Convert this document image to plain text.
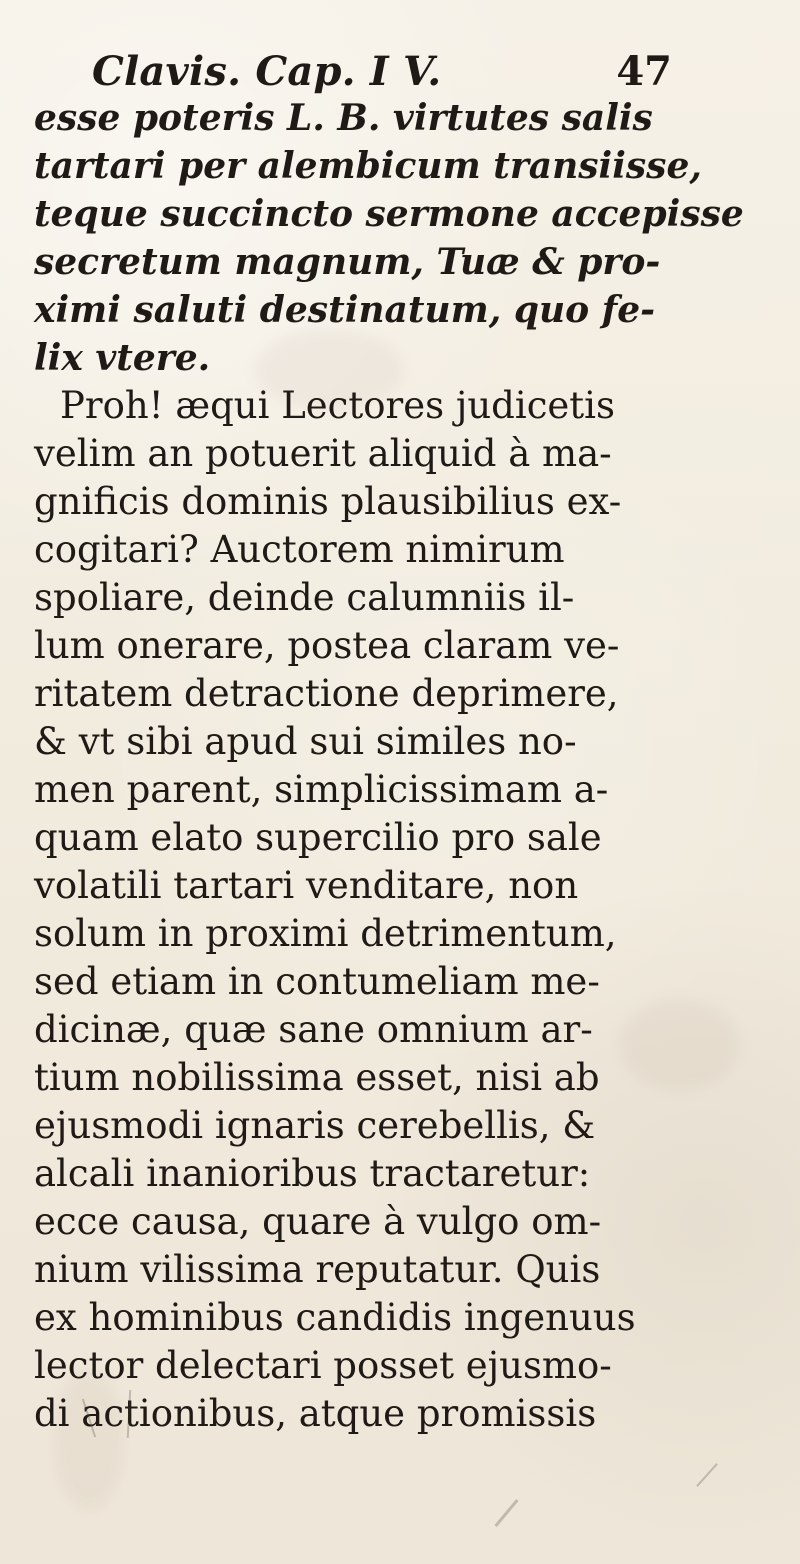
Clavis. Cap. I V.	47
esse poteris L. B. virtutes salis
tartari per alembicum transiisse,
teque succincto sermone accepisse
secretum magnum, Tuæ & pro-
ximi saluti destinatum, quo fe-
lix vtere.
Proh! æqui Lectores judicetis
velim an potuerit aliquid à ma-
gnificis dominis plausibilius ex-
cogitari? Auctorem nimirum
spoliare, deinde calumniis il-
lum onerare, postea claram ve-
ritatem detractione deprimere,
& vt sibi apud sui similes no-
men parent, simplicissimam a-
quam elato supercilio pro sale
volatili tartari venditare, non
solum in proximi detrimentum,
sed etiam in contumeliam me-
dicinæ, quæ sane omnium ar-
tium nobilissima esset, nisi ab
ejusmodi ignaris cerebellis, &
alcali inanioribus tractaretur:
ecce causa, quare à vulgo om-
nium vilissima reputatur. Quis
ex hominibus candidis ingenuus
lector delectari posset ejusmo-
di actionibus, atque promissis
